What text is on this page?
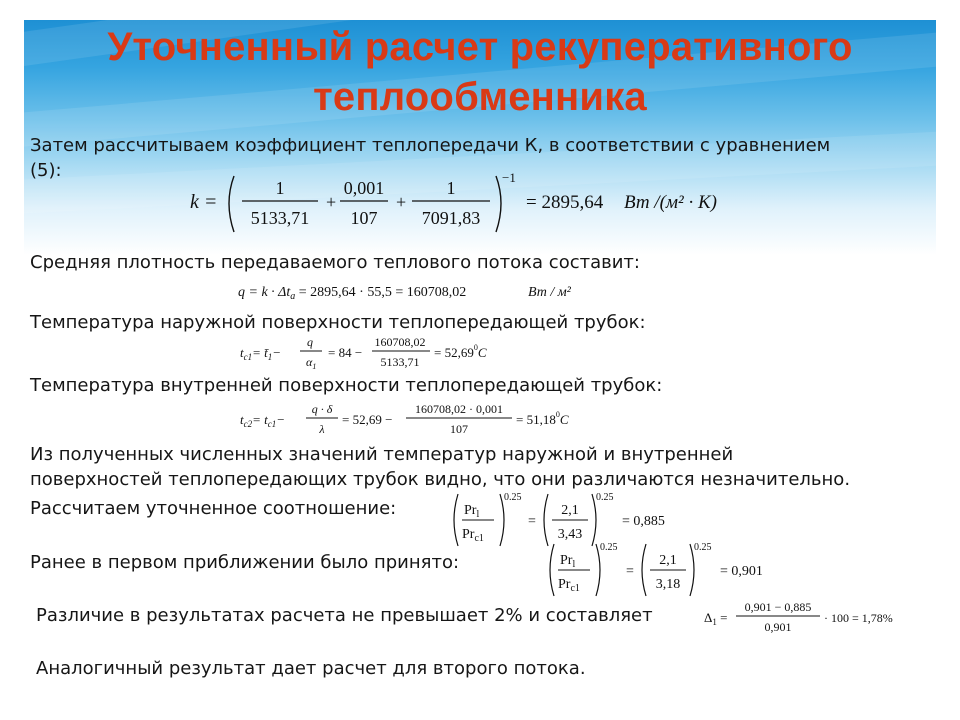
Уточненный расчет рекуперативного
теплообменника
Затем рассчитываем коэффициент теплопередачи К, в соответствии с уравнением
(5):
k =
1
5133,71
+
0,001
107
+
1
7091,83
−1
= 2895,64 Вт /(м² · К)
Средняя плотность передаваемого теплового потока составит:
$q = k \cdot \Delta t_a = 2895,64 \cdot 55,5 = 160708,02$	Вт / м²
Температура наружной поверхности теплопередающей трубок:
$t_{c1}=$ $t̄_1-$
q
$\alpha_1$
= 84 −
160708,02
5133,71
= $52,69^0C$
Температура внутренней поверхности теплопередающей трубок:
$t_{c2}= t_{c1}-$
q · δ
λ
= 52,69 −
160708,02 · 0,001
107
= $51,18^0C$
Из полученных численных значений температур наружной и внутренней
поверхностей теплопередающих трубок видно, что они различаются незначительно.
Рассчитаем уточненное соотношение:	$Pr_l$
$Pr_{c1}$
0.25
=
2,1
3,43
0.25
= 0,885
Ранее в первом приближении было принято:	$Pr_l$
$Pr_{c1}$
0.25
=
2,1
3,18
0.25
= 0,901
Различие в результатах расчета не превышает 2% и составляет	$\Delta_1$ =
0,901 − 0,885
0,901
· 100 = 1,78%
Аналогичный результат дает расчет для второго потока.
